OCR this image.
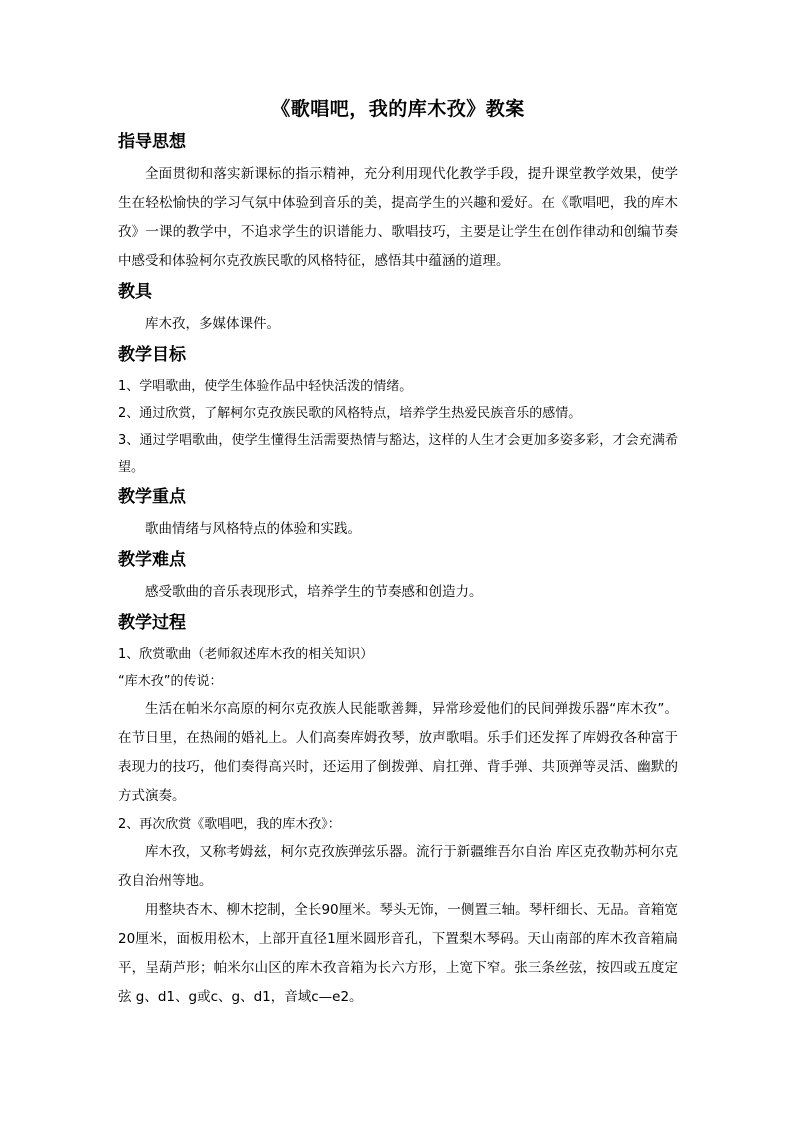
《歌唱吧，我的库木孜》教案
指导思想

全面贯彻和落实新课标的指示精神，充分利用现代化教学手段，提升课堂教学效果，使学生在轻松愉快的学习气氛中体验到音乐的美，提高学生的兴趣和爱好。在《歌唱吧，我的库木孜》一课的教学中，不追求学生的识谱能力、歌唱技巧，主要是让学生在创作律动和创编节奏中感受和体验柯尔克孜族民歌的风格特征，感悟其中蕴涵的道理。

教具

库木孜，多媒体课件。

教学目标

1、学唱歌曲，使学生体验作品中轻快活泼的情绪。

2、通过欣赏，了解柯尔克孜族民歌的风格特点，培养学生热爱民族音乐的感情。

3、通过学唱歌曲，使学生懂得生活需要热情与豁达，这样的人生才会更加多姿多彩，才会充满希望。

教学重点

歌曲情绪与风格特点的体验和实践。

教学难点

感受歌曲的音乐表现形式，培养学生的节奏感和创造力。

教学过程

1、欣赏歌曲（老师叙述库木孜的相关知识）

“库木孜”的传说：

生活在帕米尔高原的柯尔克孜族人民能歌善舞，异常珍爱他们的民间弹拨乐器“库木孜”。在节日里，在热闹的婚礼上。人们高奏库姆孜琴，放声歌唱。乐手们还发挥了库姆孜各种富于表现力的技巧，他们奏得高兴时，还运用了倒拨弹、肩扛弹、背手弹、共顶弹等灵活、幽默的方式演奏。

2、再次欣赏《歌唱吧，我的库木孜》：

库木孜，又称考姆兹，柯尔克孜族弹弦乐器。流行于新疆维吾尔自治 库区克孜勒苏柯尔克孜自治州等地。

用整块杏木、柳木挖制，全长90厘米。琴头无饰，一侧置三轴。琴杆细长、无品。音箱宽20厘米，面板用松木，上部开直径1厘米圆形音孔，下置梨木琴码。天山南部的库木孜音箱扁平，呈葫芦形；帕米尔山区的库木孜音箱为长六方形，上宽下窄。张三条丝弦，按四或五度定弦 g、d1、g或c、g、d1，音域c—e2。
